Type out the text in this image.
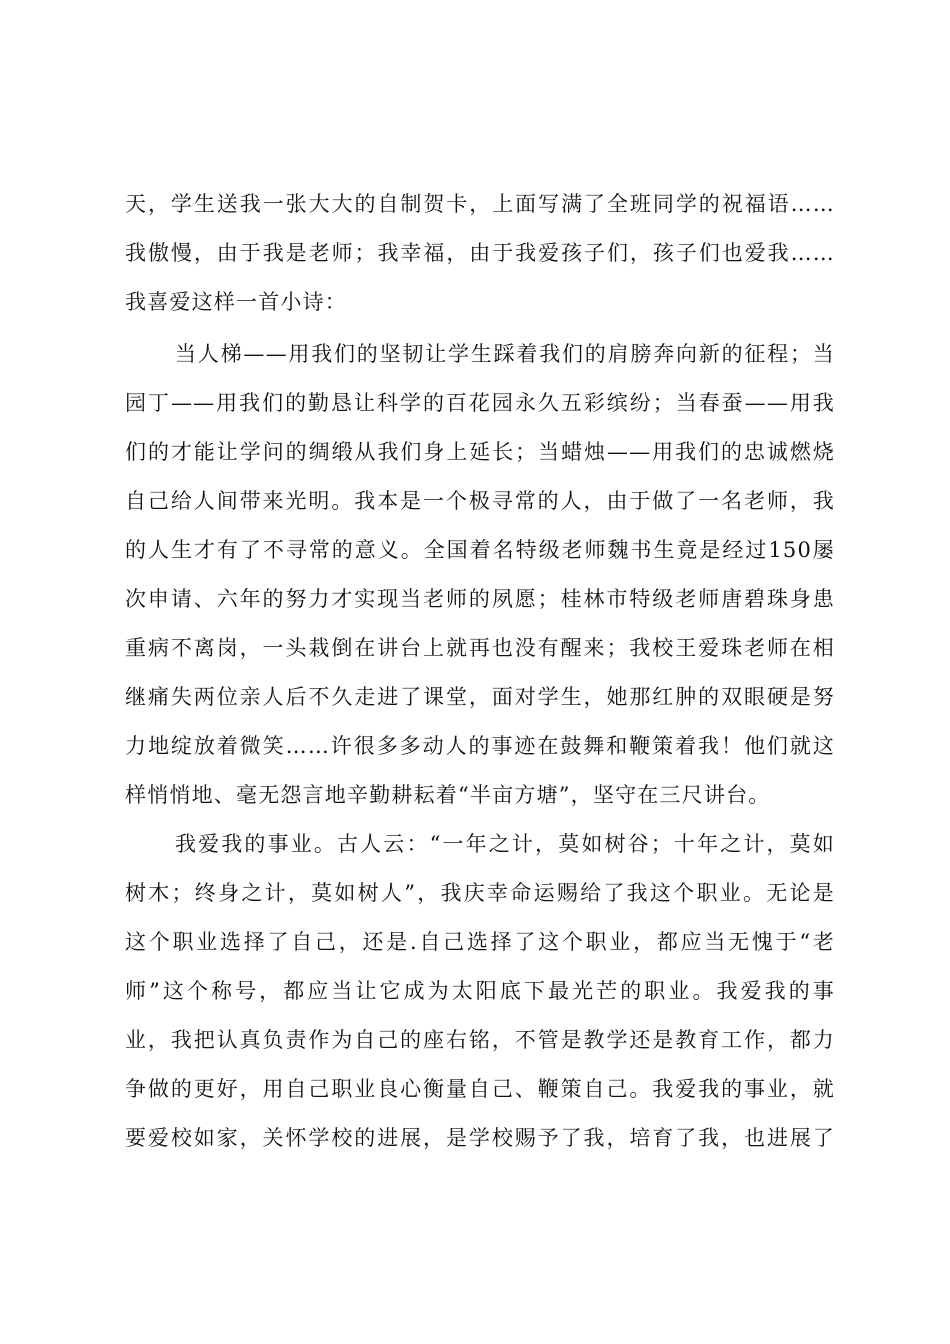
天，学生送我一张大大的自制贺卡，上面写满了全班同学的祝福语……
我傲慢，由于我是老师；我幸福，由于我爱孩子们，孩子们也爱我……
我喜爱这样一首小诗：
当人梯——用我们的坚韧让学生踩着我们的肩膀奔向新的征程；当
园丁——用我们的勤恳让科学的百花园永久五彩缤纷；当春蚕——用我
们的才能让学问的绸缎从我们身上延长；当蜡烛——用我们的忠诚燃烧
自己给人间带来光明。我本是一个极寻常的人，由于做了一名老师，我
的人生才有了不寻常的意义。全国着名特级老师魏书生竟是经过150屡
次申请、六年的努力才实现当老师的夙愿；桂林市特级老师唐碧珠身患
重病不离岗，一头栽倒在讲台上就再也没有醒来；我校王爱珠老师在相
继痛失两位亲人后不久走进了课堂，面对学生，她那红肿的双眼硬是努
力地绽放着微笑……许很多多动人的事迹在鼓舞和鞭策着我！他们就这
样悄悄地、毫无怨言地辛勤耕耘着“半亩方塘”，坚守在三尺讲台。
我爱我的事业。古人云：“一年之计，莫如树谷；十年之计，莫如
树木；终身之计，莫如树人”，我庆幸命运赐给了我这个职业。无论是
这个职业选择了自己，还是.自己选择了这个职业，都应当无愧于“老
师”这个称号，都应当让它成为太阳底下最光芒的职业。我爱我的事
业，我把认真负责作为自己的座右铭，不管是教学还是教育工作，都力
争做的更好，用自己职业良心衡量自己、鞭策自己。我爱我的事业，就
要爱校如家，关怀学校的进展，是学校赐予了我，培育了我，也进展了
